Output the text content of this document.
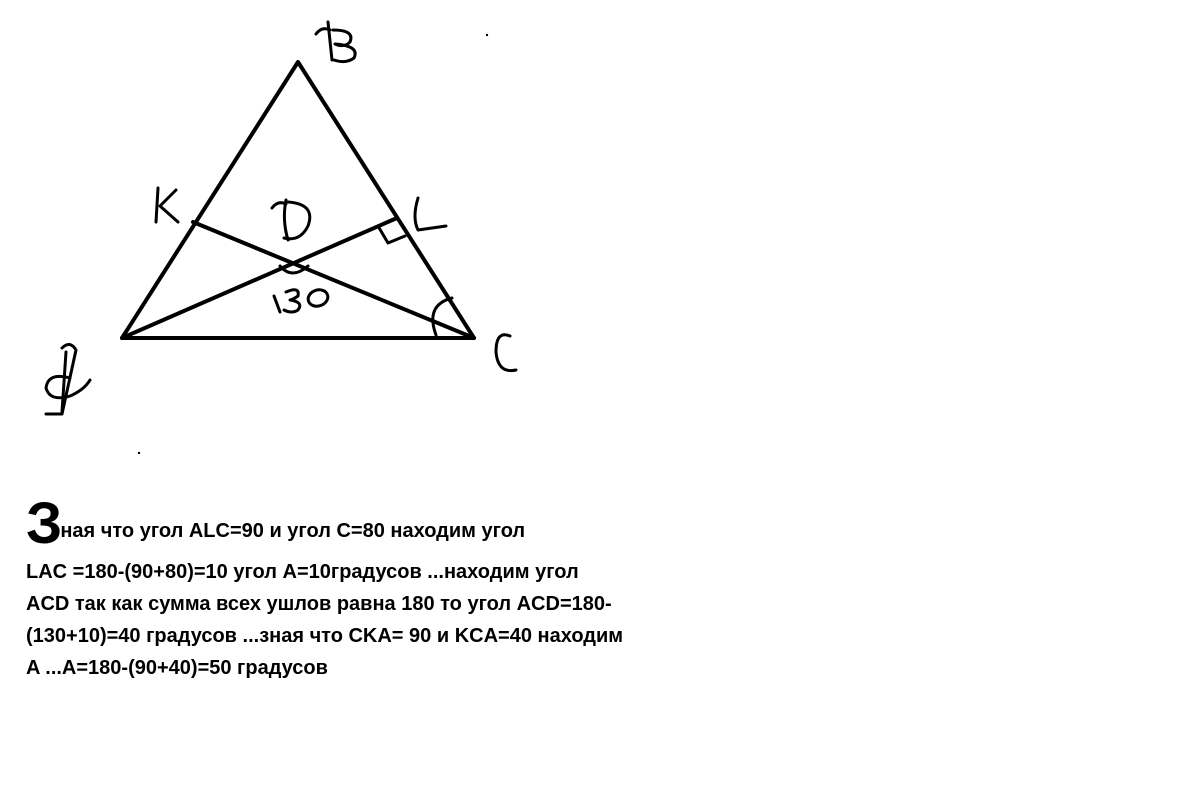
Зная что угол ALC=90 и угол C=80 находим угол
LAC =180-(90+80)=10 угол A=10градусов ...находим угол ACD так как сумма всех ушлов равна 180 то угол ACD=180-(130+10)=40 градусов ...зная что CKA= 90 и KCA=40 находим A ...A=180-(90+40)=50 градусов
